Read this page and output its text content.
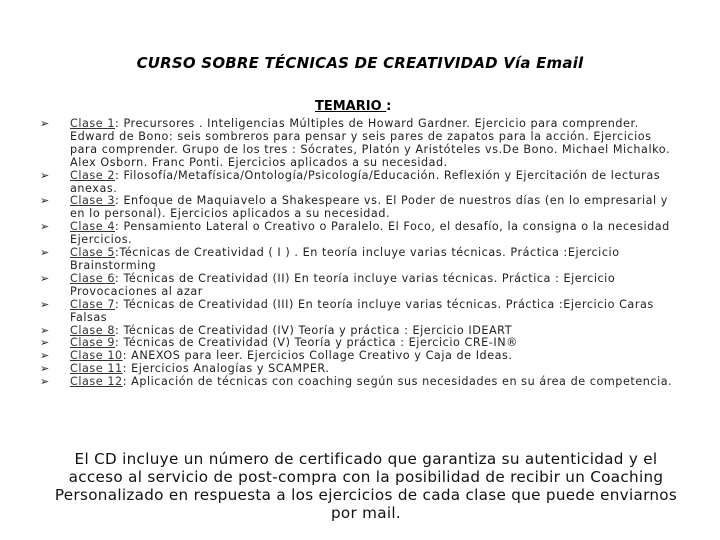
CURSO SOBRE TÉCNICAS DE CREATIVIDAD Vía Email
TEMARIO :
➢ Clase 1: Precursores . Inteligencias Múltiples de Howard Gardner. Ejercicio para comprender. Edward de Bono: seis sombreros para pensar y seis pares de zapatos para la acción. Ejercicios para comprender. Grupo de los tres : Sócrates, Platón y Aristóteles vs.De Bono. Michael Michalko. Alex Osborn. Franc Ponti. Ejercicios aplicados a su necesidad.
➢ Clase 2: Filosofía/Metafísica/Ontología/Psicología/Educación. Reflexión y Ejercitación de lecturas anexas.
➢ Clase 3: Enfoque de Maquiavelo a Shakespeare vs. El Poder de nuestros días (en lo empresarial y en lo personal). Ejercicios aplicados a su necesidad.
➢ Clase 4: Pensamiento Lateral o Creativo o Paralelo. El Foco, el desafío, la consigna o la necesidad Ejercicios.
➢ Clase 5:Técnicas de Creatividad ( I ) . En teoría incluye varias técnicas. Práctica :Ejercicio Brainstorming
➢ Clase 6: Técnicas de Creatividad (II) En teoría incluye varias técnicas. Práctica : Ejercicio Provocaciones al azar
➢ Clase 7: Técnicas de Creatividad (III) En teoría incluye varias técnicas. Práctica :Ejercicio Caras Falsas
➢ Clase 8: Técnicas de Creatividad (IV) Teoría y práctica : Ejercicio IDEART
➢ Clase 9: Técnicas de Creatividad (V) Teoría y práctica : Ejercicio CRE-IN®
➢ Clase 10: ANEXOS para leer. Ejercicios Collage Creativo y Caja de Ideas.
➢ Clase 11: Ejercicios Analogías y SCAMPER.
➢ Clase 12: Aplicación de técnicas con coaching según sus necesidades en su área de competencia.
El CD incluye un número de certificado que garantiza su autenticidad y el acceso al servicio de post-compra con la posibilidad de recibir un Coaching Personalizado en respuesta a los ejercicios de cada clase que puede enviarnos por mail.
